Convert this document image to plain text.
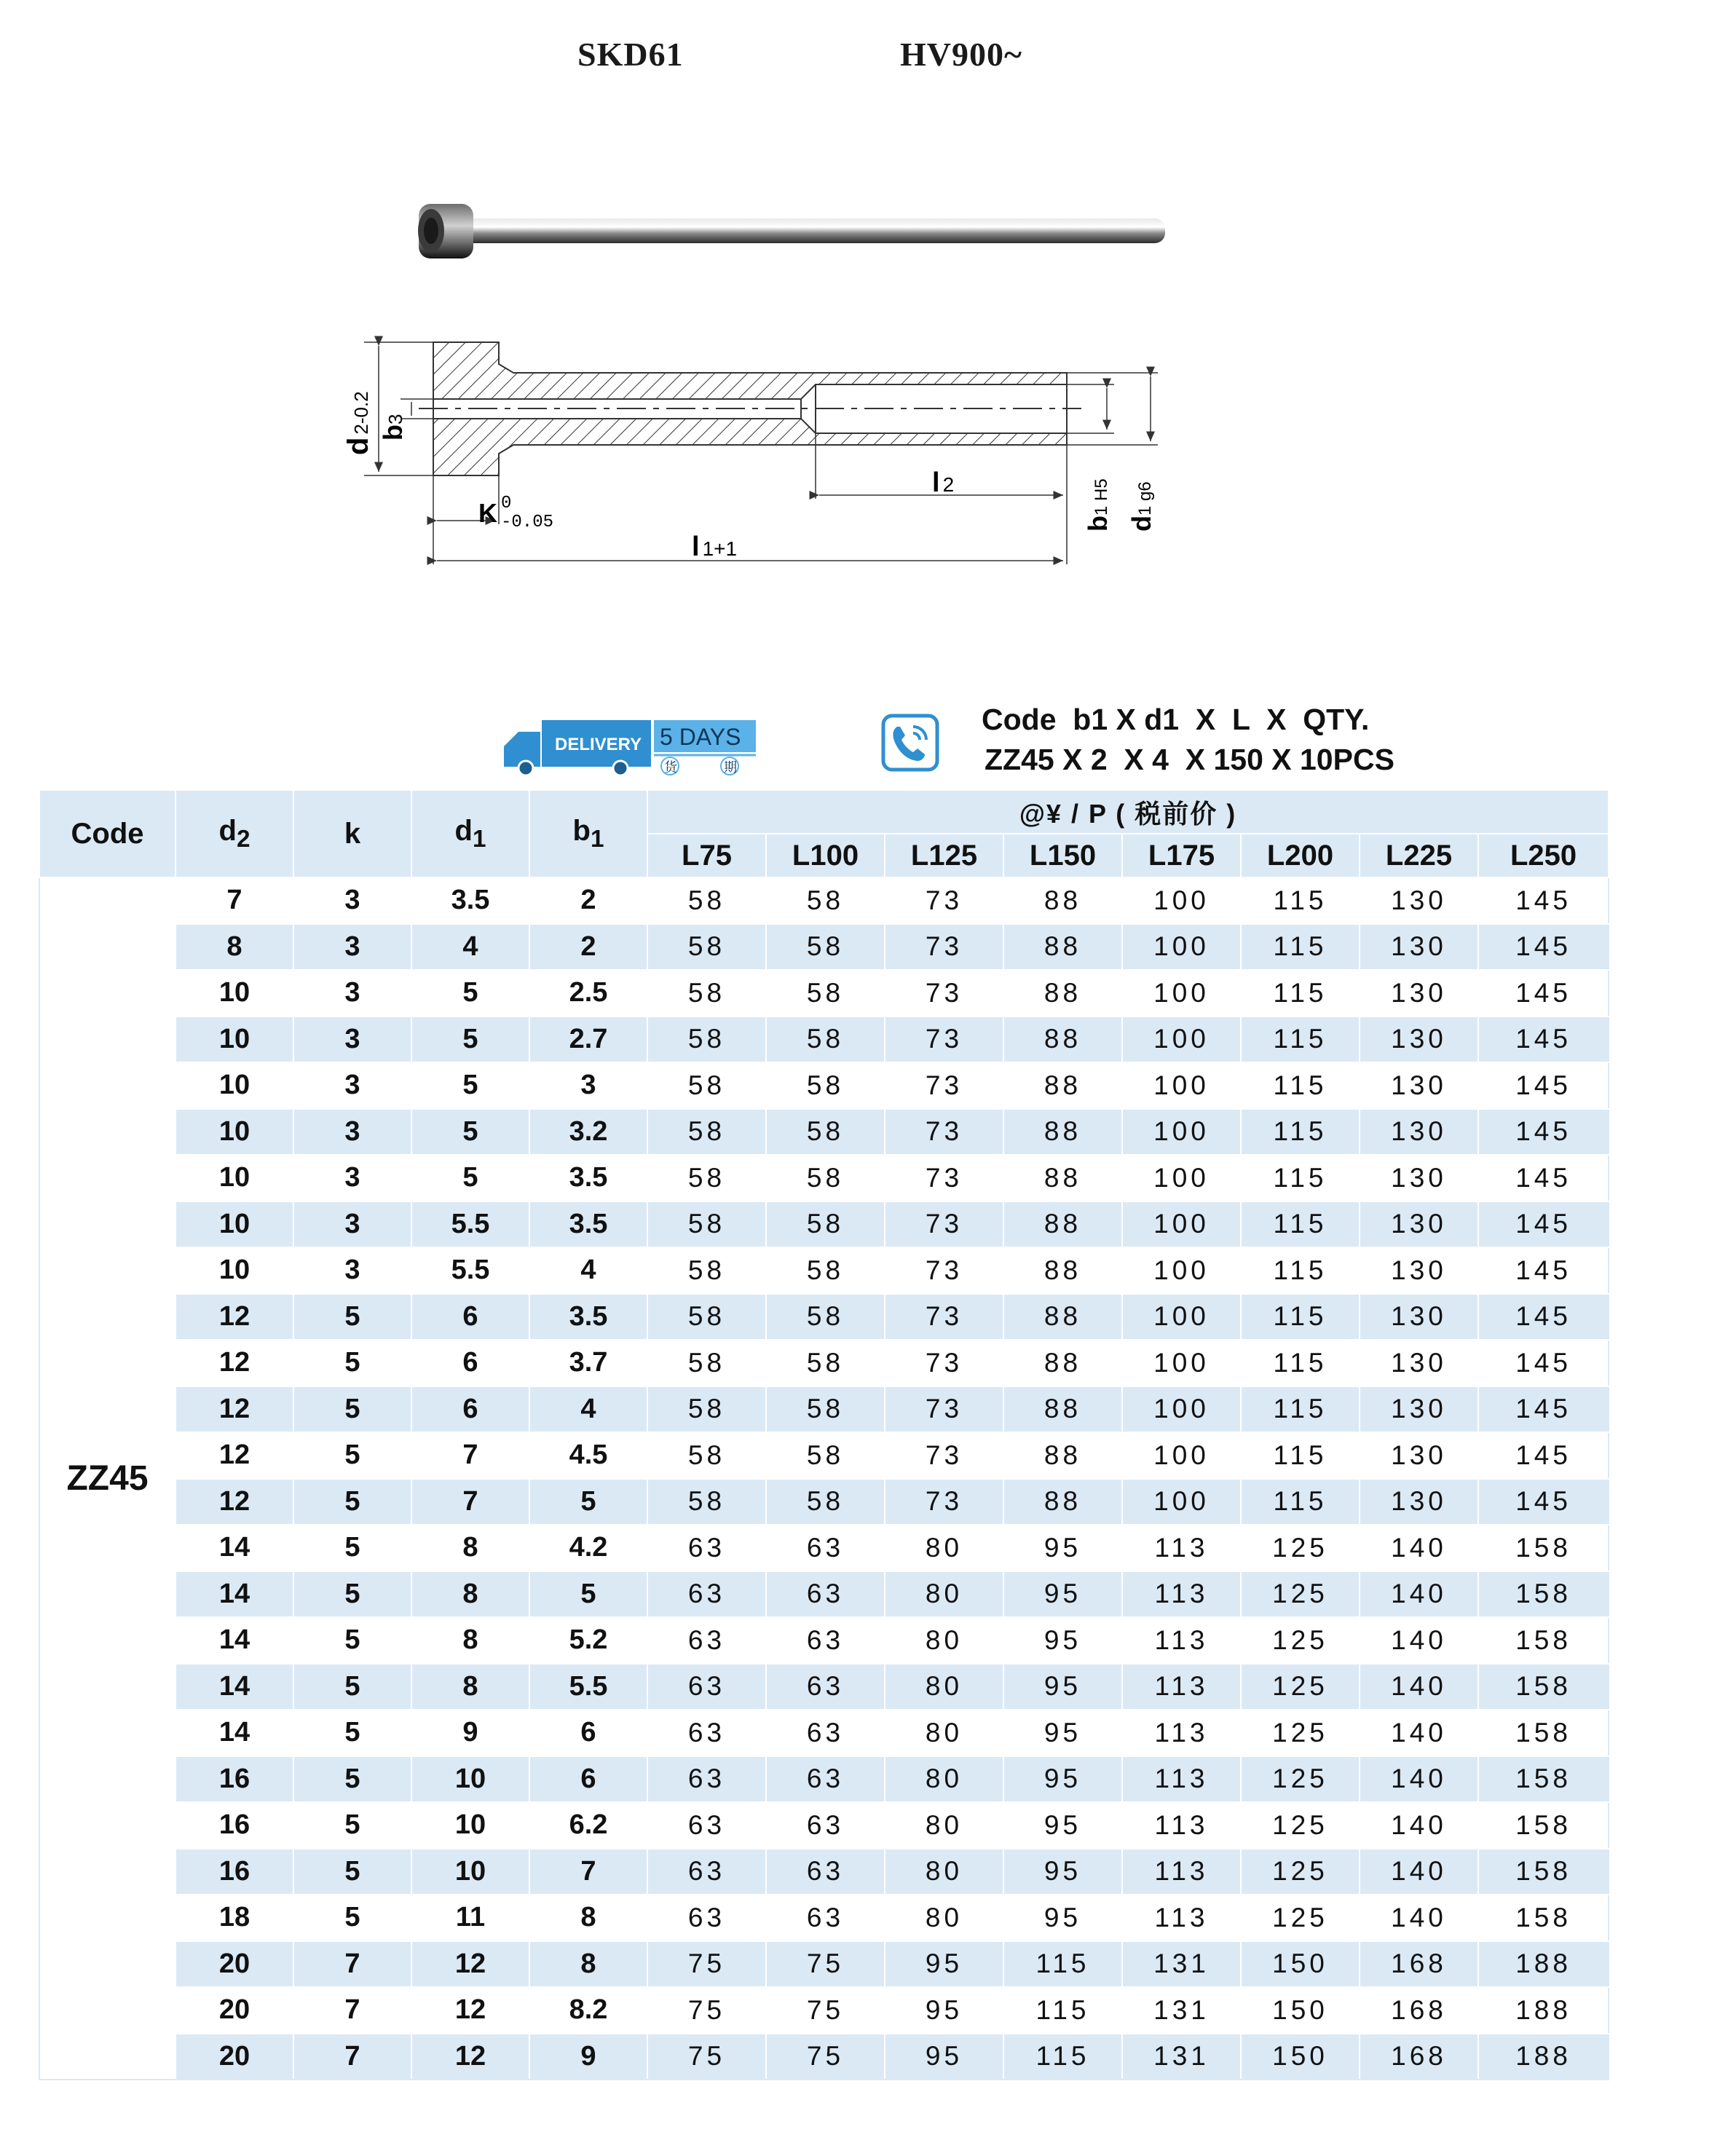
SKD61	HV900~
d2-0.2 b3
0
-0.05
K
l 2
l 1+1
b1 H5
d1 g6
DELIVERY 5 DAYS
货	期
Code  b1 X d1  X  L  X  QTY.
ZZ45 X 2  X 4  X 150 X 10PCS
Code	$d_2$	k	$d_1$	$b_1$	@¥ / P ( 税前价 )							
					L75	L100	L125	L150	L175	L200	L225	L250
ZZ45	7	3	3.5	2	58	58	73	88	100	115	130	145
	8	3	4	2	58	58	73	88	100	115	130	145
	10	3	5	2.5	58	58	73	88	100	115	130	145
	10	3	5	2.7	58	58	73	88	100	115	130	145
	10	3	5	3	58	58	73	88	100	115	130	145
	10	3	5	3.2	58	58	73	88	100	115	130	145
	10	3	5	3.5	58	58	73	88	100	115	130	145
	10	3	5.5	3.5	58	58	73	88	100	115	130	145
	10	3	5.5	4	58	58	73	88	100	115	130	145
	12	5	6	3.5	58	58	73	88	100	115	130	145
	12	5	6	3.7	58	58	73	88	100	115	130	145
	12	5	6	4	58	58	73	88	100	115	130	145
	12	5	7	4.5	58	58	73	88	100	115	130	145
	12	5	7	5	58	58	73	88	100	115	130	145
	14	5	8	4.2	63	63	80	95	113	125	140	158
	14	5	8	5	63	63	80	95	113	125	140	158
	14	5	8	5.2	63	63	80	95	113	125	140	158
	14	5	8	5.5	63	63	80	95	113	125	140	158
	14	5	9	6	63	63	80	95	113	125	140	158
	16	5	10	6	63	63	80	95	113	125	140	158
	16	5	10	6.2	63	63	80	95	113	125	140	158
	16	5	10	7	63	63	80	95	113	125	140	158
	18	5	11	8	63	63	80	95	113	125	140	158
	20	7	12	8	75	75	95	115	131	150	168	188
	20	7	12	8.2	75	75	95	115	131	150	168	188
	20	7	12	9	75	75	95	115	131	150	168	188
